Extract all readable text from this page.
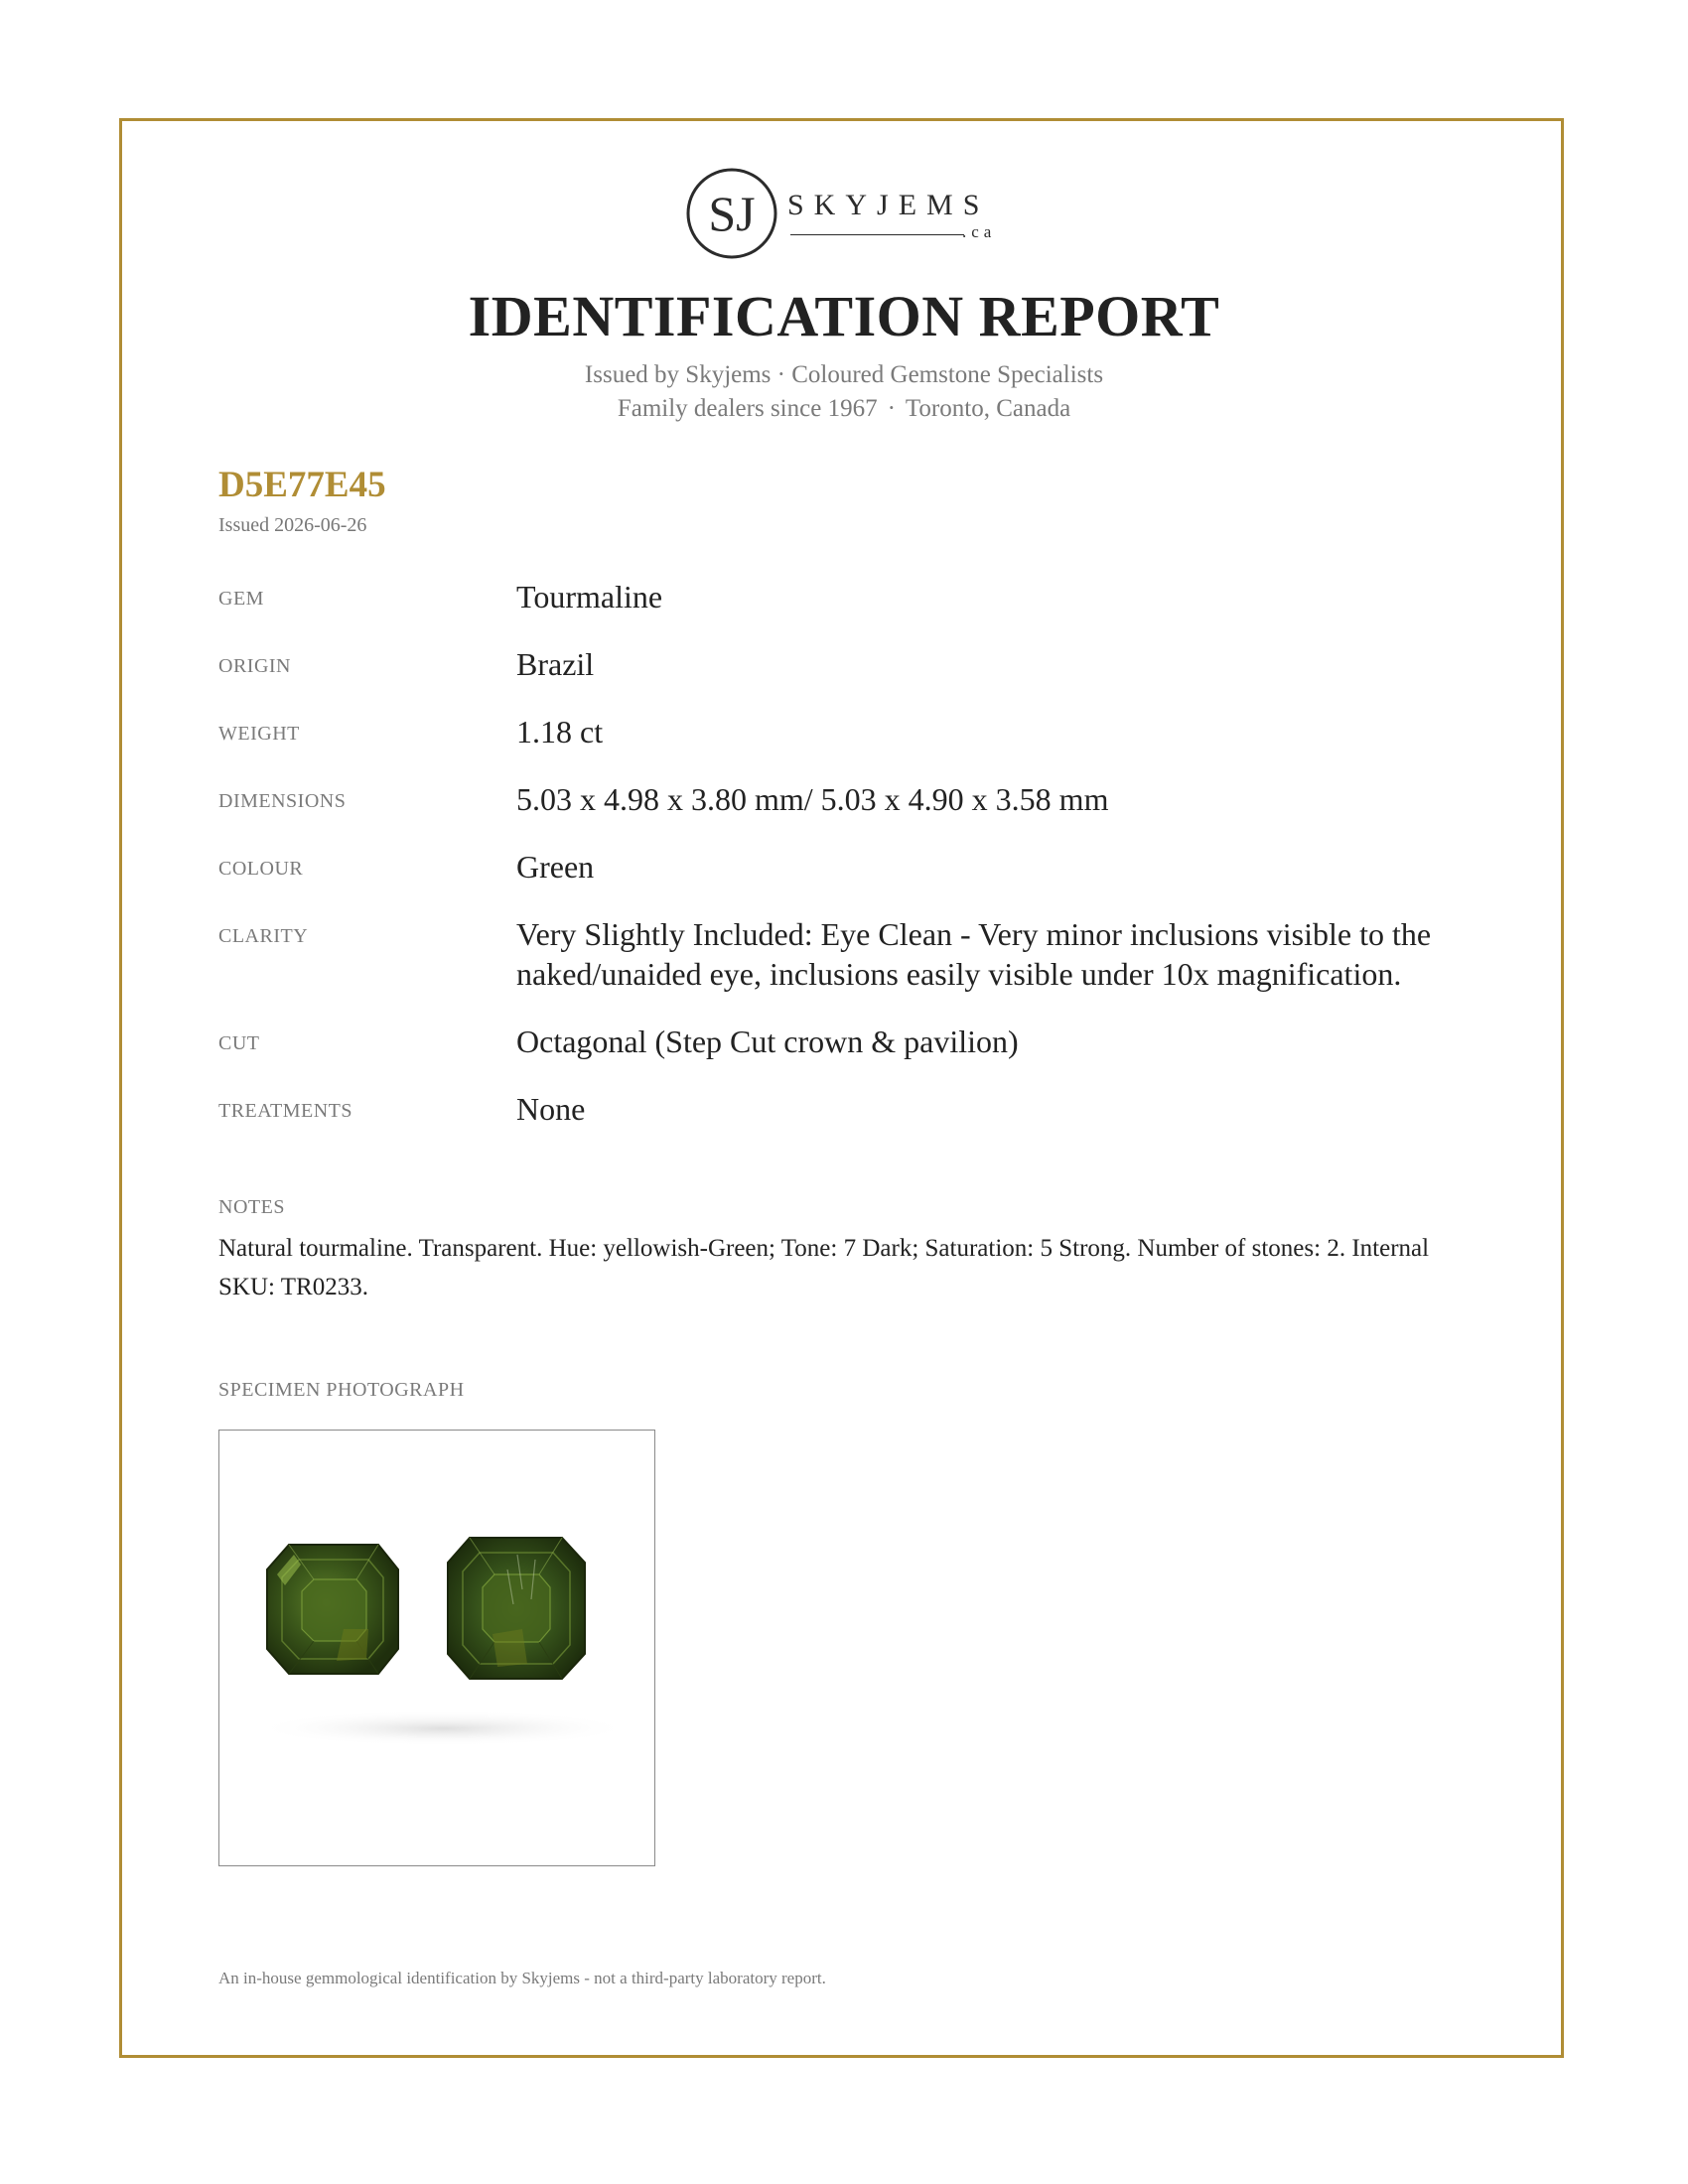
SJ SKYJEMS
.ca
IDENTIFICATION REPORT
Issued by Skyjems · Coloured Gemstone Specialists
Family dealers since 1967 · Toronto, Canada
D5E77E45
Issued 2026-06-26
GEM	Tourmaline
ORIGIN	Brazil
WEIGHT	1.18 ct
DIMENSIONS	5.03 x 4.98 x 3.80 mm/ 5.03 x 4.90 x 3.58 mm
COLOUR	Green
CLARITY	Very Slightly Included: Eye Clean - Very minor inclusions visible to the naked/unaided eye, inclusions easily visible under 10x magnification.
CUT	Octagonal (Step Cut crown & pavilion)
TREATMENTS	None
NOTES
Natural tourmaline. Transparent. Hue: yellowish-Green; Tone: 7 Dark; Saturation: 5 Strong. Number of stones: 2. Internal SKU: TR0233.
SPECIMEN PHOTOGRAPH
An in-house gemmological identification by Skyjems - not a third-party laboratory report.
